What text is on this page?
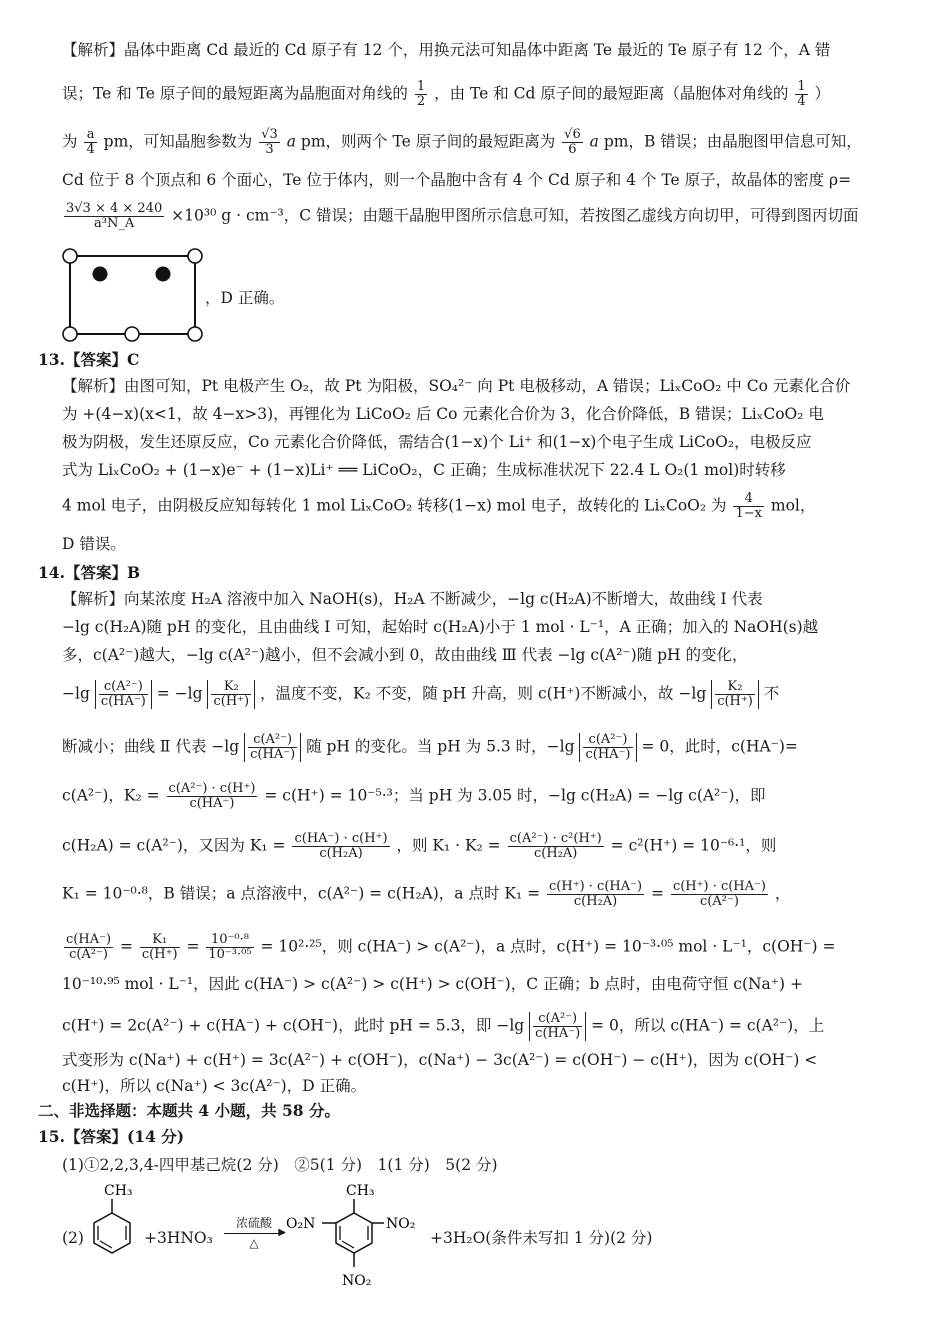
【解析】晶体中距离 Cd 最近的 Cd 原子有 12 个，用换元法可知晶体中距离 Te 最近的 Te 原子有 12 个，A 错
误；Te 和 Te 原子间的最短距离为晶胞面对角线的 $\frac{1}{2}$ ，由 Te 和 Cd 原子间的最短距离（晶胞体对角线的 $\frac{1}{4}$ ）
为 $\frac{a}{4}$ pm，可知晶胞参数为 $\frac{√3}{3}$ a pm，则两个 Te 原子间的最短距离为 $\frac{√6}{6}$ a pm，B 错误；由晶胞图甲信息可知，
Cd 位于 8 个顶点和 6 个面心，Te 位于体内，则一个晶胞中含有 4 个 Cd 原子和 4 个 Te 原子，故晶体的密度 ρ=
$\frac{3√3 \times 4 \times 240}{\text{a³N\_A}} \times 10^{30}$ g · cm⁻³，C 错误；由题干晶胞甲图所示信息可知，若按图乙虚线方向切甲，可得到图丙切面
，D 正确。
13.【答案】C
【解析】由图可知，Pt 电极产生 O₂，故 Pt 为阳极，SO₄²⁻ 向 Pt 电极移动，A 错误；LiₓCoO₂ 中 Co 元素化合价
为 +(4−x)(x<1，故 4−x>3)，再锂化为 LiCoO₂ 后 Co 元素化合价为 3，化合价降低，B 错误；LiₓCoO₂ 电
极为阴极，发生还原反应，Co 元素化合价降低，需结合(1−x)个 Li⁺ 和(1−x)个电子生成 LiCoO₂，电极反应
式为 LiₓCoO₂ + (1−x)e⁻ + (1−x)Li⁺ ══ LiCoO₂，C 正确；生成标准状况下 22.4 L O₂(1 mol)时转移
4 mol 电子，由阴极反应知每转化 1 mol LiₓCoO₂ 转移(1−x) mol 电子，故转化的 LiₓCoO₂ 为 $\frac{4}{1-x}$ mol，
D 错误。
14.【答案】B
【解析】向某浓度 H₂A 溶液中加入 NaOH(s)，H₂A 不断减少，−lg c(H₂A)不断增大，故曲线 Ⅰ 代表
−lg c(H₂A)随 pH 的变化，且由曲线 Ⅰ 可知，起始时 c(H₂A)小于 1 mol · L⁻¹，A 正确；加入的 NaOH(s)越
多，c(A²⁻)越大，−lg c(A²⁻)越小，但不会减小到 0，故由曲线 Ⅲ 代表 −lg c(A²⁻)随 pH 的变化，
$-\lg \frac{\text{c(A²⁻)}}{c(HA^-)} = -\lg \frac{\text{K₂}}{c(H^+)}$ ，温度不变，K₂ 不变，随 pH 升高，则 c(H⁺)不断减小，故 $-\lg \frac{\text{K₂}}{c(H^+)}$ 不
断减小；曲线 Ⅱ 代表 $-\lg \frac{\text{c(A²⁻)}}{c(HA^-)}$ 随 pH 的变化。当 pH 为 5.3 时，$-\lg \frac{\text{c(A²⁻)}}{c(HA^-)} = 0$，此时，c(HA⁻)=
c(A²⁻)，$K_2 = \frac{\text{c(A²⁻) · c(H⁺)}}{c(HA^-)} = c(H^+) = 10^{-5}\cdot^3$；当 pH 为 3.05 时，−lg c(H₂A) = −lg c(A²⁻)，即
c(H₂A) = c(A²⁻)，又因为 $K_1 = \frac{c(HA^-) \cdot c(H^+)}{\text{c(H₂A)}}$ ，则 $K_1 \cdot K_2 = \frac{\text{c(A²⁻) · c²(H⁺)}}{\text{c(H₂A)}} = c^2(H^+) = 10^{-6}\cdot^1$，则
K₁ = 10⁻⁰·⁸，B 错误；a 点溶液中，c(A²⁻) = c(H₂A)，a 点时 $K_1 = \frac{c(H^+) \cdot c(HA^-)}{\text{c(H₂A)}} = \frac{c(H^+) \cdot c(HA^-)}{\text{c(A²⁻)}}$ ，
$\frac{c(HA^-)}{\text{c(A²⁻)}} = \frac{\text{K₁}}{c(H^+)} = \frac{\text{10⁻⁰·⁸}}{\text{10⁻³·⁰⁵}} = 10^2\cdot^{25}$，则 c(HA⁻) > c(A²⁻)，a 点时，c(H⁺) = 10⁻³·⁰⁵ mol · L⁻¹，c(OH⁻) =
10⁻¹⁰·⁹⁵ mol · L⁻¹，因此 c(HA⁻) > c(A²⁻) > c(H⁺) > c(OH⁻)，C 正确；b 点时，由电荷守恒 c(Na⁺) +
c(H⁺) = 2c(A²⁻) + c(HA⁻) + c(OH⁻)，此时 pH = 5.3，即 $-\lg \frac{\text{c(A²⁻)}}{c(HA^-)} = 0$，所以 c(HA⁻) = c(A²⁻)，上
式变形为 c(Na⁺) + c(H⁺) = 3c(A²⁻) + c(OH⁻)，c(Na⁺) − 3c(A²⁻) = c(OH⁻) − c(H⁺)，因为 c(OH⁻) <
c(H⁺)，所以 c(Na⁺) < 3c(A²⁻)，D 正确。
二、非选择题：本题共 4 小题，共 58 分。
15.【答案】(14 分)
(1)①2,2,3,4-四甲基己烷(2 分)　②5(1 分)　1(1 分)　5(2 分)
(2)
CH₃
+3HNO₃
浓硫酸
▶
△
CH₃
O₂N	NO₂
NO₂
+3H₂O(条件未写扣 1 分)(2 分)
